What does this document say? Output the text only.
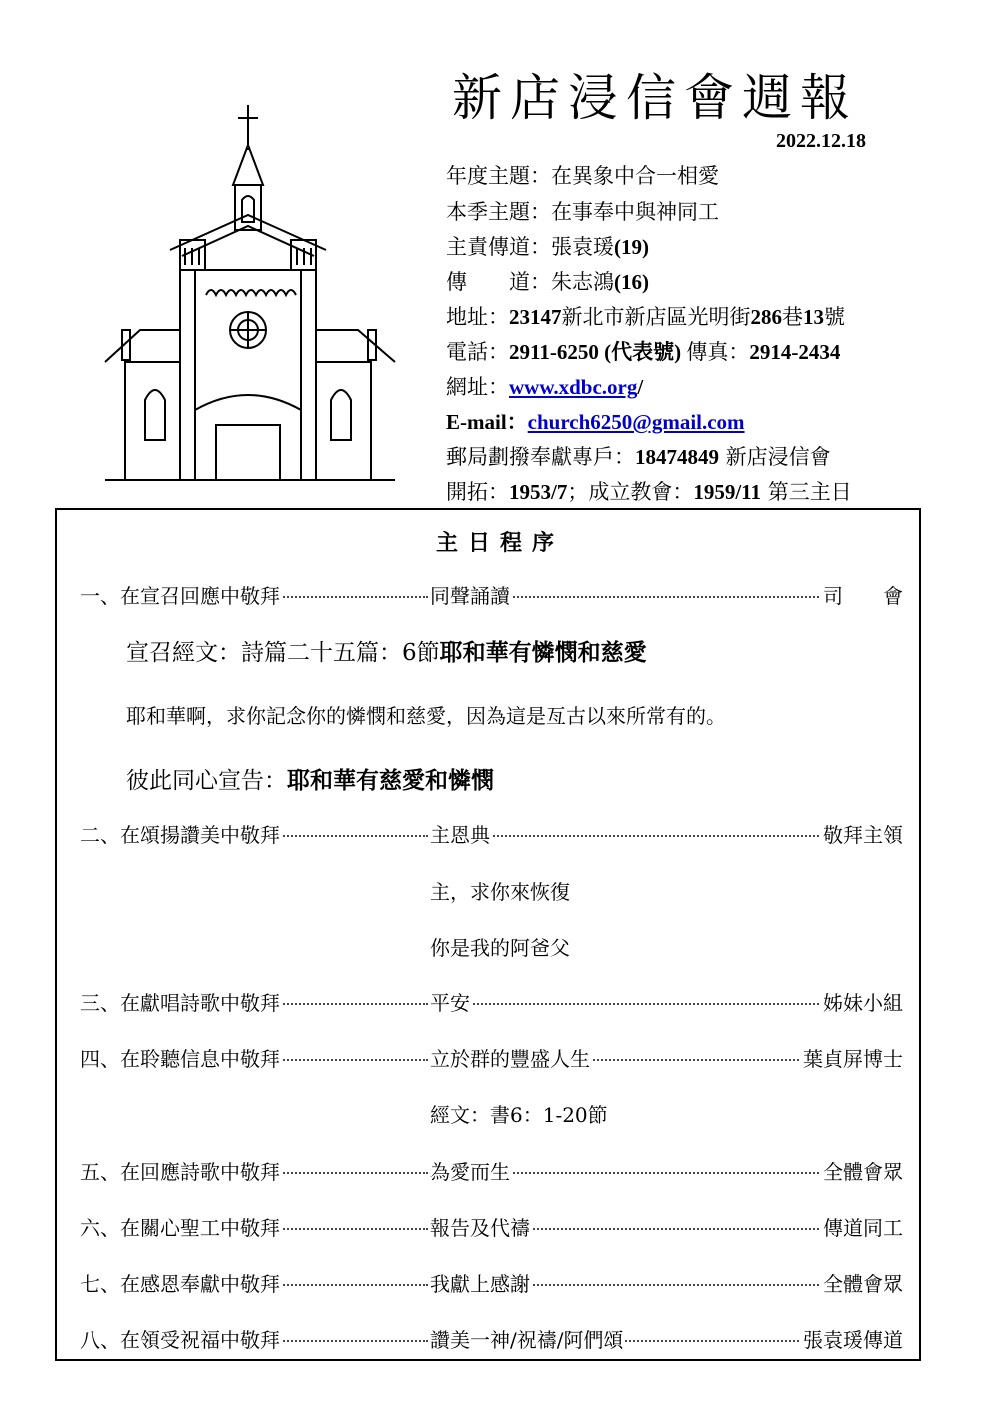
新店浸信會週報
2022.12.18
年度主題：在異象中合一相愛
本季主題：在事奉中與神同工
主責傳道：張袁瑗(19)
傳　　道：朱志鴻(16)
地址：23147新北市新店區光明街286巷13號
電話：2911-6250 (代表號) 傳真：2914-2434
網址：www.xdbc.org/
E-mail：church6250@gmail.com
郵局劃撥奉獻專戶：18474849 新店浸信會
開拓：1953/7；成立教會：1959/11 第三主日
主日程序
一、在宣召回應中敬拜	同聲誦讀	司　　會
宣召經文：詩篇二十五篇：6節耶和華有憐憫和慈愛
耶和華啊，求你記念你的憐憫和慈愛，因為這是亙古以來所常有的。
彼此同心宣告：耶和華有慈愛和憐憫
二、在頌揚讚美中敬拜	主恩典	敬拜主領
主，求你來恢復
你是我的阿爸父
三、在獻唱詩歌中敬拜	平安	姊妹小組
四、在聆聽信息中敬拜	立於群的豐盛人生	葉貞屏博士
經文：書6：1-20節
五、在回應詩歌中敬拜	為愛而生	全體會眾
六、在關心聖工中敬拜	報告及代禱	傳道同工
七、在感恩奉獻中敬拜	我獻上感謝	全體會眾
八、在領受祝福中敬拜	讚美一神/祝禱/阿們頌	張袁瑗傳道
